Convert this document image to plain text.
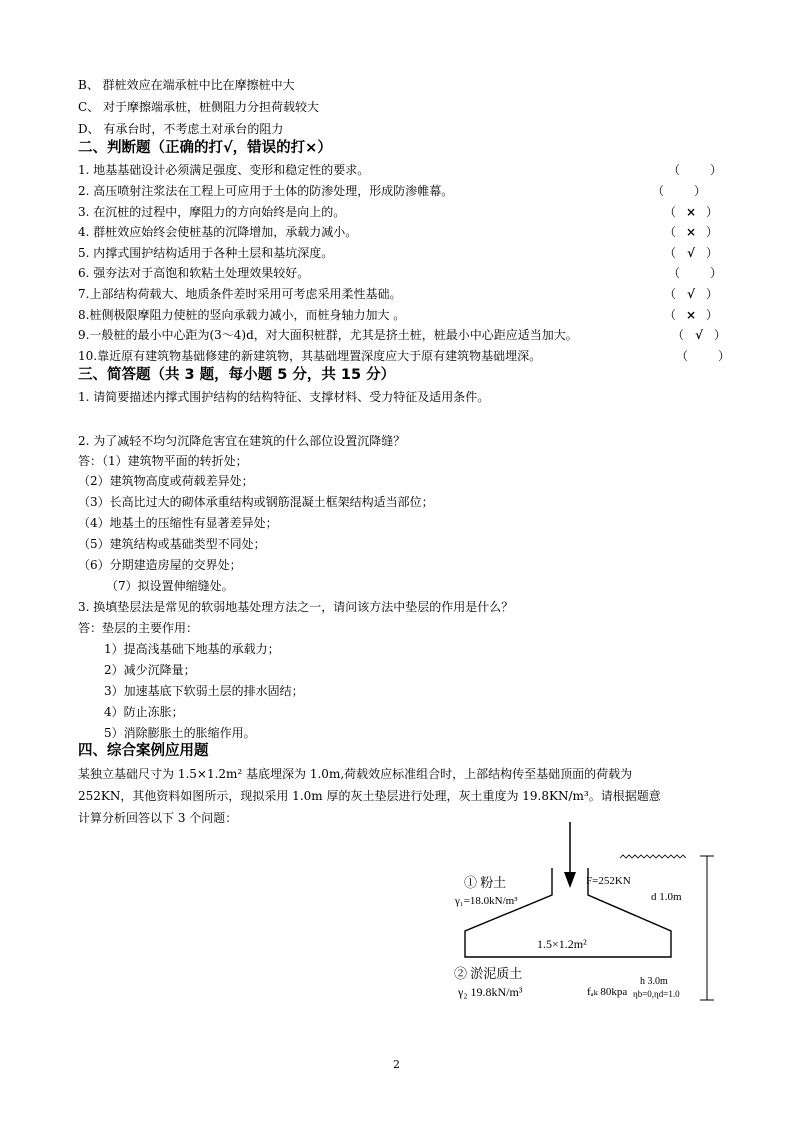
B、 群桩效应在端承桩中比在摩擦桩中大
C、 对于摩擦端承桩，桩侧阻力分担荷载较大
D、 有承台时，不考虑土对承台的阻力
二、判断题（正确的打√，错误的打×）
1. 地基基础设计必须满足强度、变形和稳定性的要求。	（	）
2. 高压喷射注浆法在工程上可应用于土体的防渗处理，形成防渗帷幕。	（	）
3. 在沉桩的过程中，摩阻力的方向始终是向上的。	（ × ）
4. 群桩效应始终会使桩基的沉降增加，承载力减小。	（ × ）
5. 内撑式围护结构适用于各种土层和基坑深度。	（ √ ）
6. 强夯法对于高饱和软粘土处理效果较好。	（	）
7.上部结构荷载大、地质条件差时采用可考虑采用柔性基础。	（ √ ）
8.桩侧极限摩阻力使桩的竖向承载力减小，而桩身轴力加大 。	（ × ）
9.一般桩的最小中心距为(3～4)d，对大面积桩群，尤其是挤土桩，桩最小中心距应适当加大。	（ √ ）
10.靠近原有建筑物基础修建的新建筑物，其基础埋置深度应大于原有建筑物基础埋深。	（	）
三、简答题（共 3 题，每小题 5 分，共 15 分）
1. 请简要描述内撑式围护结构的结构特征、支撑材料、受力特征及适用条件。
2. 为了减轻不均匀沉降危害宜在建筑的什么部位设置沉降缝？
答：（1）建筑物平面的转折处；
（2）建筑物高度或荷载差异处；
（3）长高比过大的砌体承重结构或钢筋混凝土框架结构适当部位；
（4）地基土的压缩性有显著差异处；
（5）建筑结构或基础类型不同处；
（6）分期建造房屋的交界处；
（7）拟设置伸缩缝处。
3. 换填垫层法是常见的软弱地基处理方法之一，请问该方法中垫层的作用是什么？
答：垫层的主要作用：
1）提高浅基础下地基的承载力；
2）减少沉降量；
3）加速基底下软弱土层的排水固结；
4）防止冻胀；
5）消除膨胀土的胀缩作用。
四、综合案例应用题
某独立基础尺寸为 1.5×1.2m² 基底埋深为 1.0m,荷载效应标准组合时，上部结构传至基础顶面的荷载为
252KN，其他资料如图所示，现拟采用 1.0m 厚的灰土垫层进行处理，灰土重度为 19.8KN/m³。请根据题意
计算分析回答以下 3 个问题：
① 粉土
γ₁=18.0kN/m³
F=252KN
d 1.0m
1.5×1.2m²
② 淤泥质土
γ₂ 19.8kN/m³	fₐₖ 80kpa
h 3.0m
ηb=0,ηd=1.0
2
